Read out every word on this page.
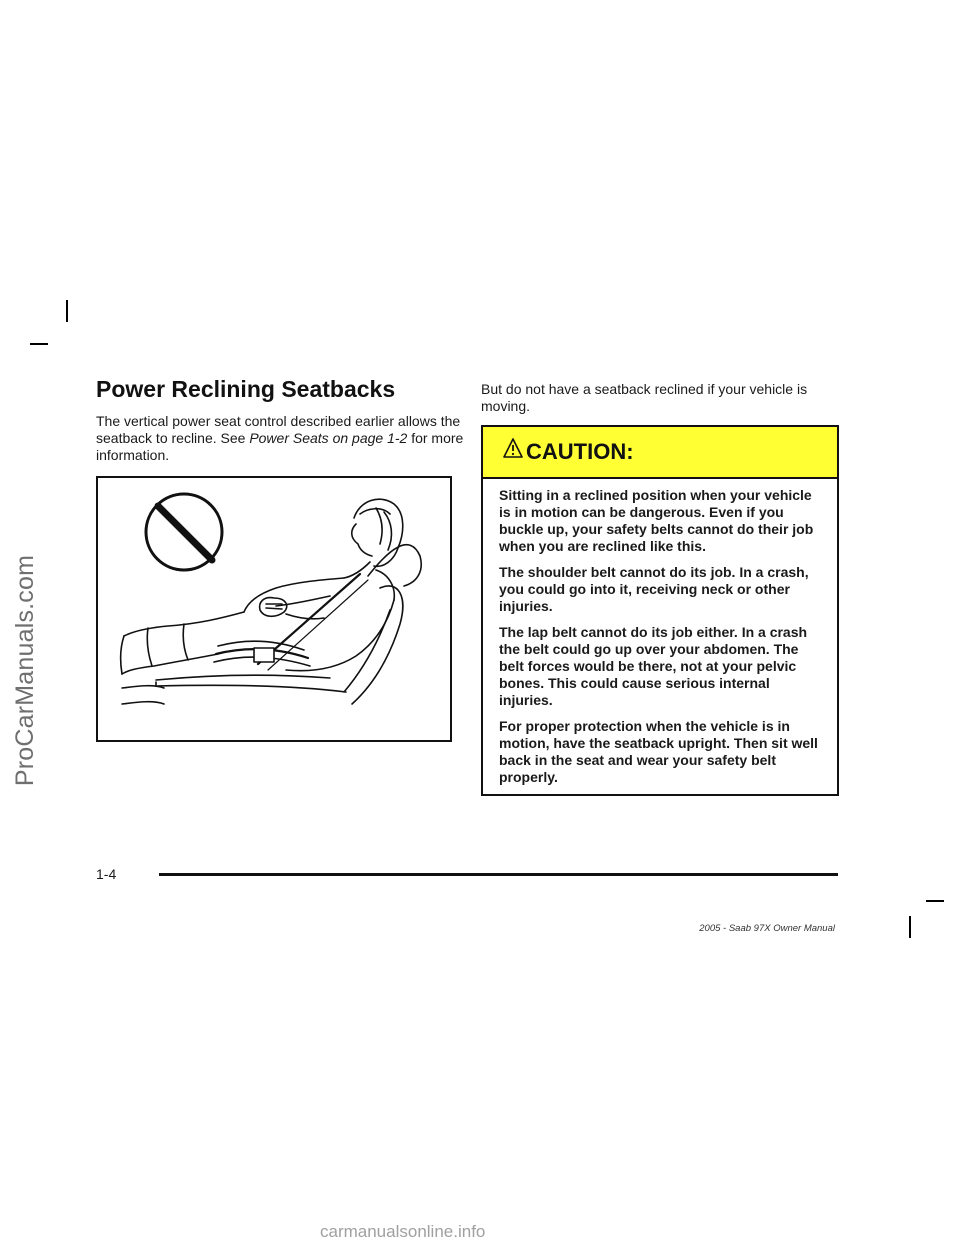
ProCarManuals.com
Power Reclining Seatbacks

The vertical power seat control described earlier allows the seatback to recline. See Power Seats on page 1-2 for more information.

But do not have a seatback reclined if your vehicle is moving.

CAUTION:

Sitting in a reclined position when your vehicle is in motion can be dangerous. Even if you buckle up, your safety belts cannot do their job when you are reclined like this.

The shoulder belt cannot do its job. In a crash, you could go into it, receiving neck or other injuries.

The lap belt cannot do its job either. In a crash the belt could go up over your abdomen. The belt forces would be there, not at your pelvic bones. This could cause serious internal injuries.

For proper protection when the vehicle is in motion, have the seatback upright. Then sit well back in the seat and wear your safety belt properly.

1-4
2005 - Saab 97X Owner Manual
carmanualsonline.info
